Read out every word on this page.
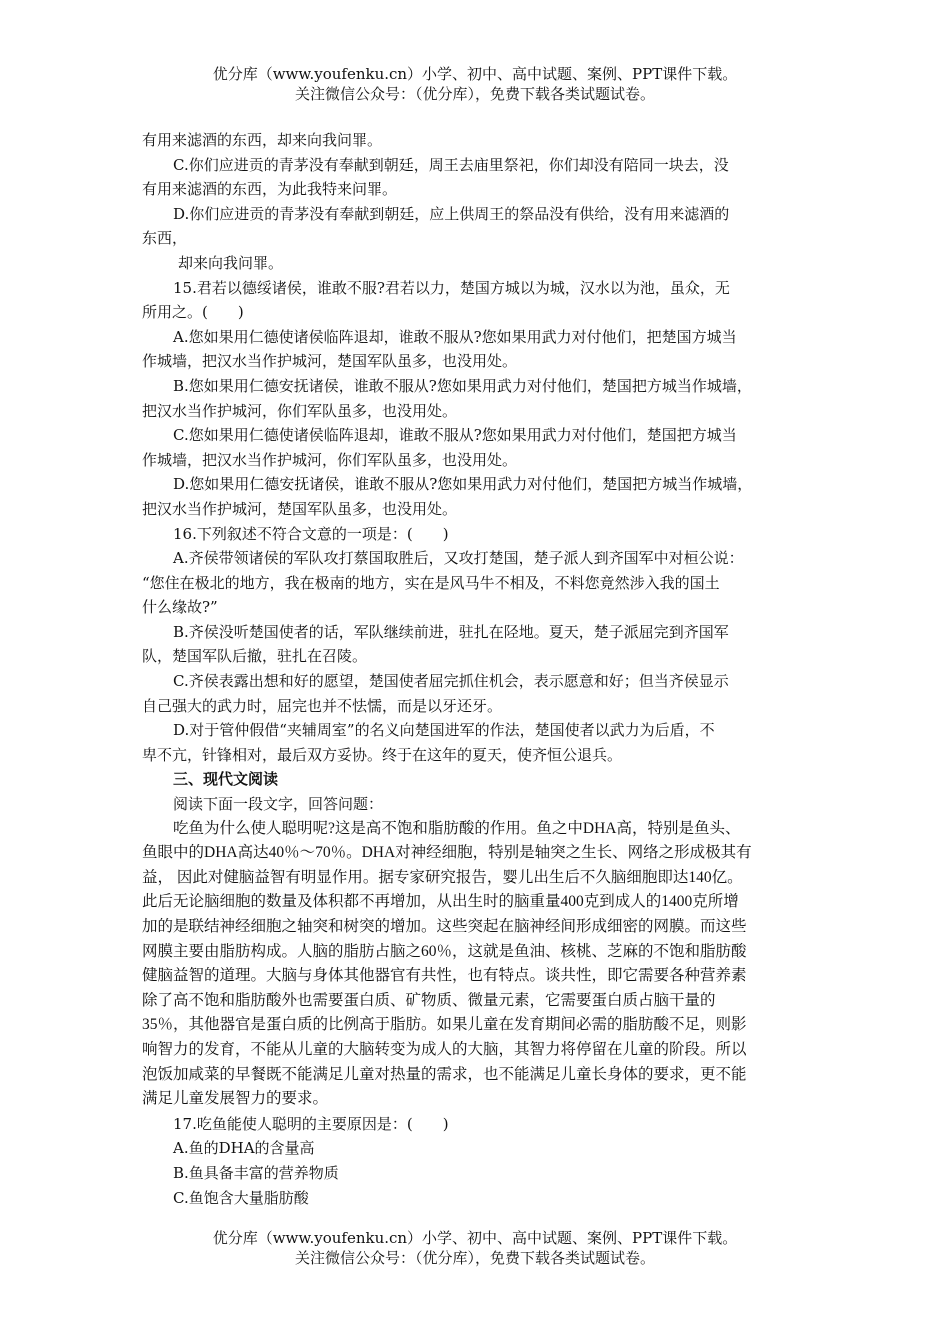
优分库（www.youfenku.cn）小学、初中、高中试题、案例、PPT课件下载。
关注微信公众号：（优分库），免费下载各类试题试卷。
有用来滤酒的东西，却来向我问罪。
C.你们应进贡的青茅没有奉献到朝廷，周王去庙里祭祀，你们却没有陪同一块去，没
有用来滤酒的东西，为此我特来问罪。
D.你们应进贡的青茅没有奉献到朝廷，应上供周王的祭品没有供给，没有用来滤酒的
东西，
却来向我问罪。
15.君若以德绥诸侯，谁敢不服?君若以力，楚国方城以为城，汉水以为池，虽众，无
所用之。(　　)
A.您如果用仁德使诸侯临阵退却，谁敢不服从?您如果用武力对付他们，把楚国方城当
作城墙，把汉水当作护城河，楚国军队虽多，也没用处。
B.您如果用仁德安抚诸侯，谁敢不服从?您如果用武力对付他们，楚国把方城当作城墙，
把汉水当作护城河，你们军队虽多，也没用处。
C.您如果用仁德使诸侯临阵退却，谁敢不服从?您如果用武力对付他们，楚国把方城当
作城墙，把汉水当作护城河，你们军队虽多，也没用处。
D.您如果用仁德安抚诸侯，谁敢不服从?您如果用武力对付他们，楚国把方城当作城墙，
把汉水当作护城河，楚国军队虽多，也没用处。
16.下列叙述不符合文意的一项是：(　　)
A.齐侯带领诸侯的军队攻打蔡国取胜后，又攻打楚国，楚子派人到齐国军中对桓公说：
“您住在极北的地方，我在极南的地方，实在是风马牛不相及，不料您竟然涉入我的国土
什么缘故?”
B.齐侯没听楚国使者的话，军队继续前进，驻扎在陉地。夏天，楚子派屈完到齐国军
队，楚国军队后撤，驻扎在召陵。
C.齐侯表露出想和好的愿望，楚国使者屈完抓住机会，表示愿意和好；但当齐侯显示
自己强大的武力时，屈完也并不怯懦，而是以牙还牙。
D.对于管仲假借“夹辅周室”的名义向楚国进军的作法，楚国使者以武力为后盾，不
卑不亢，针锋相对，最后双方妥协。终于在这年的夏天，使齐恒公退兵。
三、现代文阅读
阅读下面一段文字，回答问题：
吃鱼为什么使人聪明呢?这是高不饱和脂肪酸的作用。鱼之中DHA高，特别是鱼头、
鱼眼中的DHA高达40％～70％。DHA对神经细胞，特别是轴突之生长、网络之形成极其有
益， 因此对健脑益智有明显作用。据专家研究报告，婴儿出生后不久脑细胞即达140亿。
此后无论脑细胞的数量及体积都不再增加，从出生时的脑重量400克到成人的1400克所增
加的是联结神经细胞之轴突和树突的增加。这些突起在脑神经间形成细密的网膜。而这些
网膜主要由脂肪构成。人脑的脂肪占脑之60％，这就是鱼油、核桃、芝麻的不饱和脂肪酸
健脑益智的道理。大脑与身体其他器官有共性，也有特点。谈共性，即它需要各种营养素
除了高不饱和脂肪酸外也需要蛋白质、矿物质、微量元素，它需要蛋白质占脑干量的
35％，其他器官是蛋白质的比例高于脂肪。如果儿童在发育期间必需的脂肪酸不足，则影
响智力的发育，不能从儿童的大脑转变为成人的大脑，其智力将停留在儿童的阶段。所以
泡饭加咸菜的早餐既不能满足儿童对热量的需求，也不能满足儿童长身体的要求，更不能
满足儿童发展智力的要求。
17.吃鱼能使人聪明的主要原因是：(　　)
A.鱼的DHA的含量高
B.鱼具备丰富的营养物质
C.鱼饱含大量脂肪酸
优分库（www.youfenku.cn）小学、初中、高中试题、案例、PPT课件下载。
关注微信公众号：（优分库），免费下载各类试题试卷。
